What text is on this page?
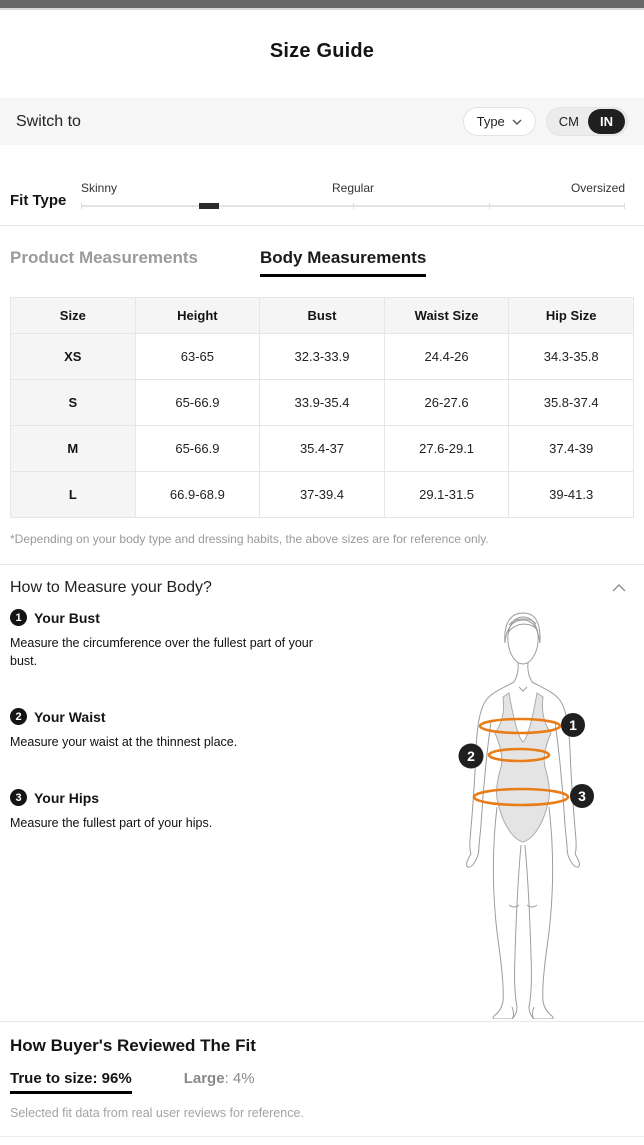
Size Guide
Switch to	Type	CM	IN
Fit Type
Skinny	Regular	Oversized
Product Measurements	Body Measurements
Size	Height	Bust	Waist Size	Hip Size
XS	63-65	32.3-33.9	24.4-26	34.3-35.8
S	65-66.9	33.9-35.4	26-27.6	35.8-37.4
M	65-66.9	35.4-37	27.6-29.1	37.4-39
L	66.9-68.9	37-39.4	29.1-31.5	39-41.3
*Depending on your body type and dressing habits, the above sizes are for reference only.
How to Measure your Body?
1 Your Bust
Measure the circumference over the fullest part of your bust.
2 Your Waist
Measure your waist at the thinnest place.
3 Your Hips
Measure the fullest part of your hips.
1
2
3
How Buyer's Reviewed The Fit
True to size: 96%	Large: 4%
Selected fit data from real user reviews for reference.
